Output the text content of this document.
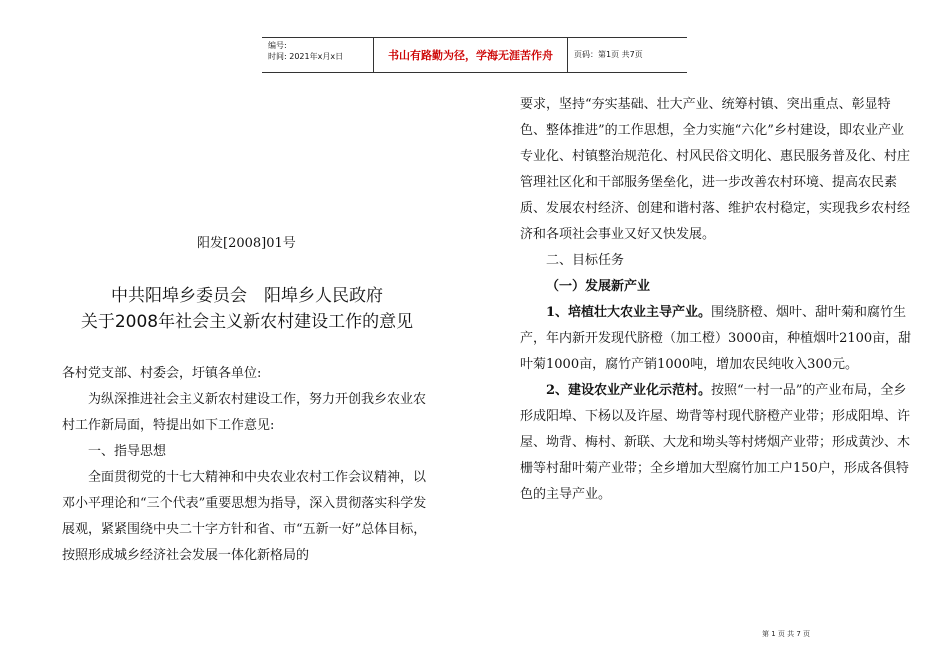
编号:
时间: 2021年x月x日	书山有路勤为径，学海无涯苦作舟	页码：第1页 共7页
阳发[2008]01号
中共阳埠乡委员会　阳埠乡人民政府
关于2008年社会主义新农村建设工作的意见

各村党支部、村委会，圩镇各单位:

为纵深推进社会主义新农村建设工作，努力开创我乡农业农村工作新局面，特提出如下工作意见:

一、指导思想

全面贯彻党的十七大精神和中央农业农村工作会议精神，以邓小平理论和“三个代表”重要思想为指导，深入贯彻落实科学发展观，紧紧围绕中央二十字方针和省、市“五新一好”总体目标，按照形成城乡经济社会发展一体化新格局的

要求，坚持“夯实基础、壮大产业、统筹村镇、突出重点、彰显特色、整体推进”的工作思想，全力实施“六化”乡村建设，即农业产业专业化、村镇整治规范化、村风民俗文明化、惠民服务普及化、村庄管理社区化和干部服务堡垒化，进一步改善农村环境、提高农民素质、发展农村经济、创建和谐村落、维护农村稳定，实现我乡农村经济和各项社会事业又好又快发展。

二、目标任务

（一）发展新产业

1、培植壮大农业主导产业。围绕脐橙、烟叶、甜叶菊和腐竹生产，年内新开发现代脐橙（加工橙）3000亩，种植烟叶2100亩，甜叶菊1000亩，腐竹产销1000吨，增加农民纯收入300元。

2、建设农业产业化示范村。按照“一村一品”的产业布局，全乡形成阳埠、下杨以及许屋、坳背等村现代脐橙产业带；形成阳埠、许屋、坳背、梅村、新联、大龙和坳头等村烤烟产业带；形成黄沙、木栅等村甜叶菊产业带；全乡增加大型腐竹加工户150户，形成各俱特色的主导产业。

第 1 页 共 7 页
